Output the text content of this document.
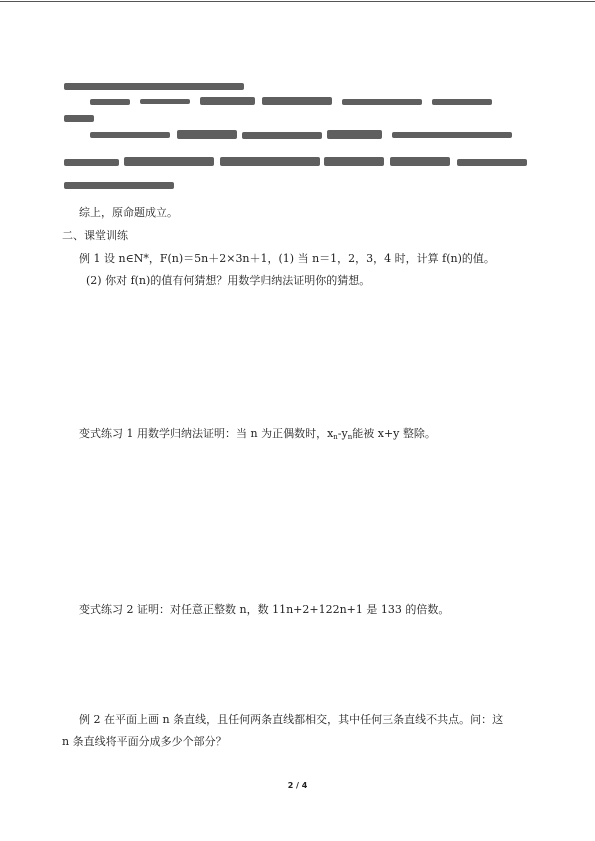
综上，原命题成立。
二、课堂训练
例 1 设 n∈N*，F(n)＝5n＋2×3n＋1，(1) 当 n＝1，2，3，4 时，计算 f(n)的值。
(2) 你对 f(n)的值有何猜想？用数学归纳法证明你的猜想。
变式练习 1 用数学归纳法证明：当 n 为正偶数时，$x_n-y_n$能被 x+y 整除。
变式练习 2 证明：对任意正整数 n，数 11n+2+122n+1 是 133 的倍数。
例 2 在平面上画 n 条直线，且任何两条直线都相交，其中任何三条直线不共点。问：这
n 条直线将平面分成多少个部分？
2 / 4
